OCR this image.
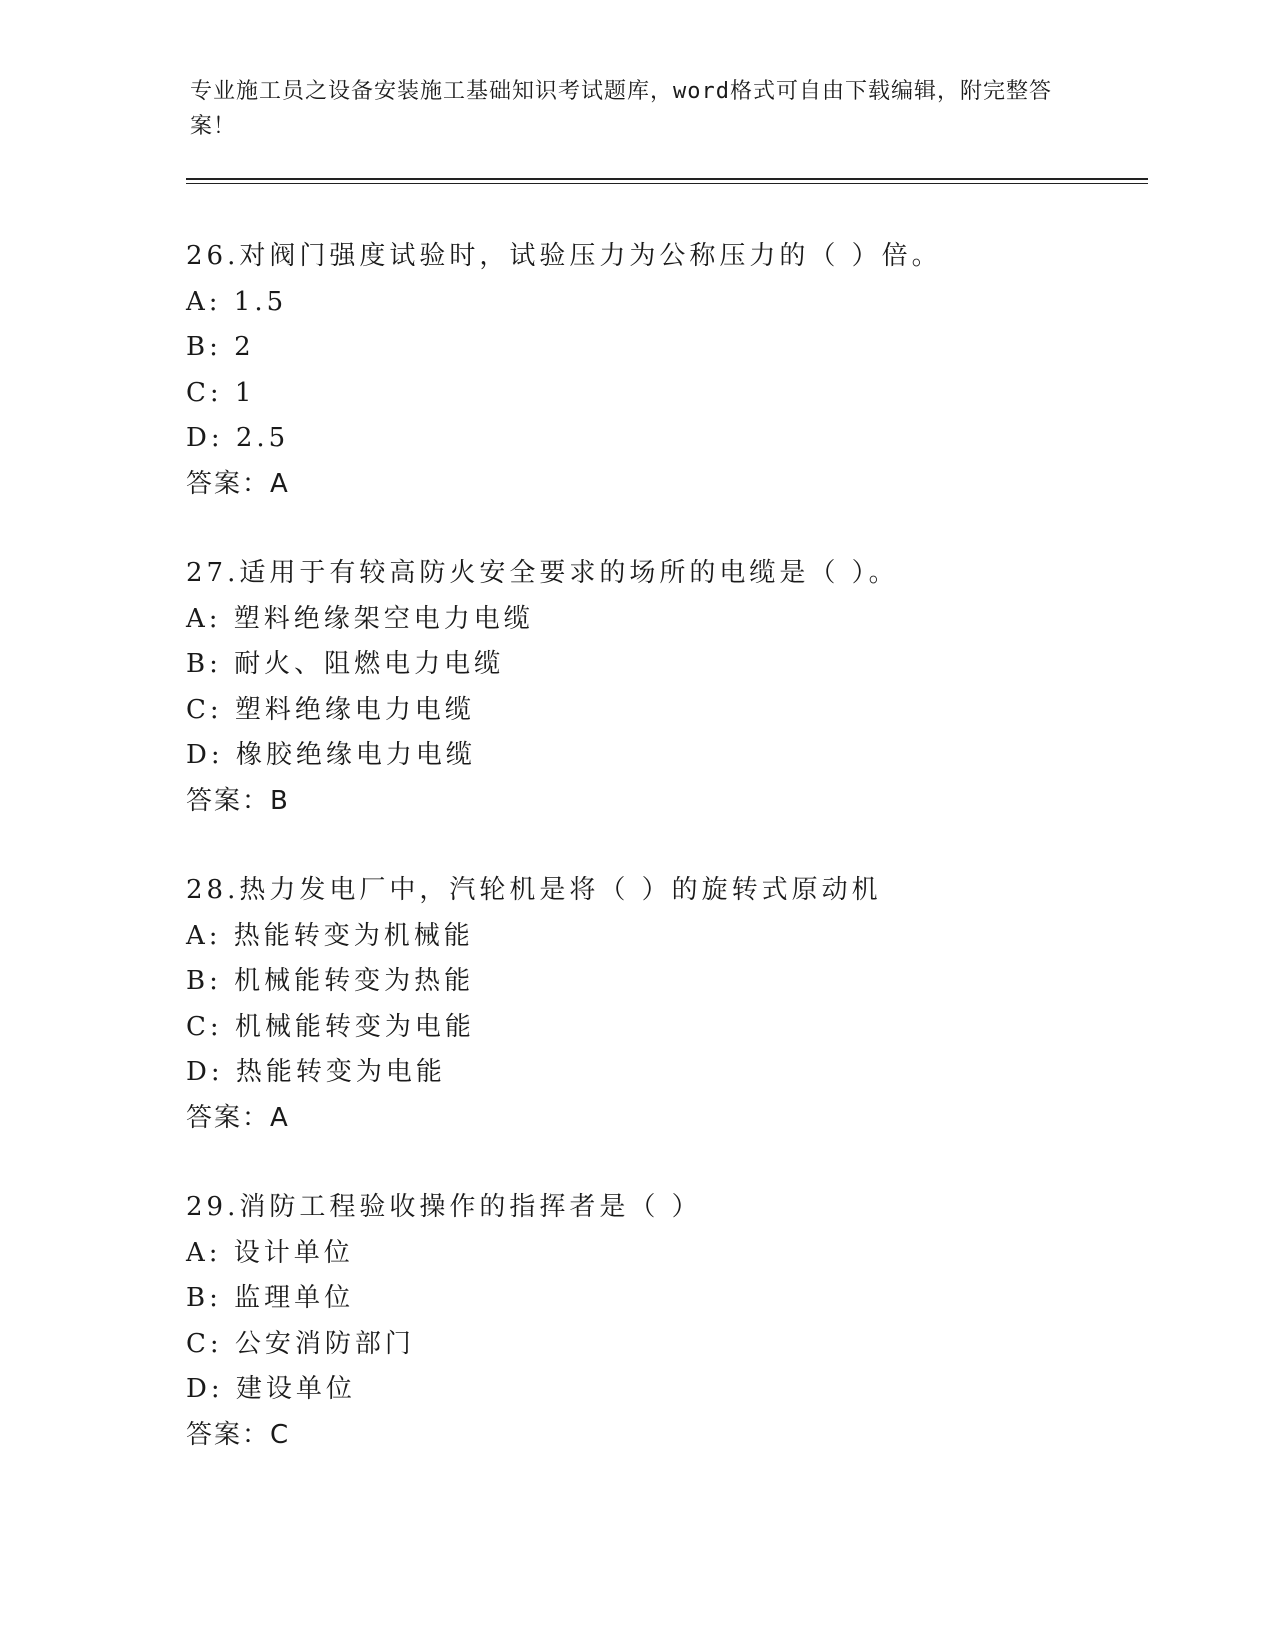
专业施工员之设备安装施工基础知识考试题库，word格式可自由下载编辑，附完整答案！
26.对阀门强度试验时，试验压力为公称压力的（ ）倍。
A: 1.5
B: 2
C: 1
D: 2.5
答案：A
27.适用于有较高防火安全要求的场所的电缆是（ ）。
A: 塑料绝缘架空电力电缆
B: 耐火、阻燃电力电缆
C: 塑料绝缘电力电缆
D: 橡胶绝缘电力电缆
答案：B
28.热力发电厂中，汽轮机是将（ ）的旋转式原动机
A: 热能转变为机械能
B: 机械能转变为热能
C: 机械能转变为电能
D: 热能转变为电能
答案：A
29.消防工程验收操作的指挥者是（ ）
A: 设计单位
B: 监理单位
C: 公安消防部门
D: 建设单位
答案：C
